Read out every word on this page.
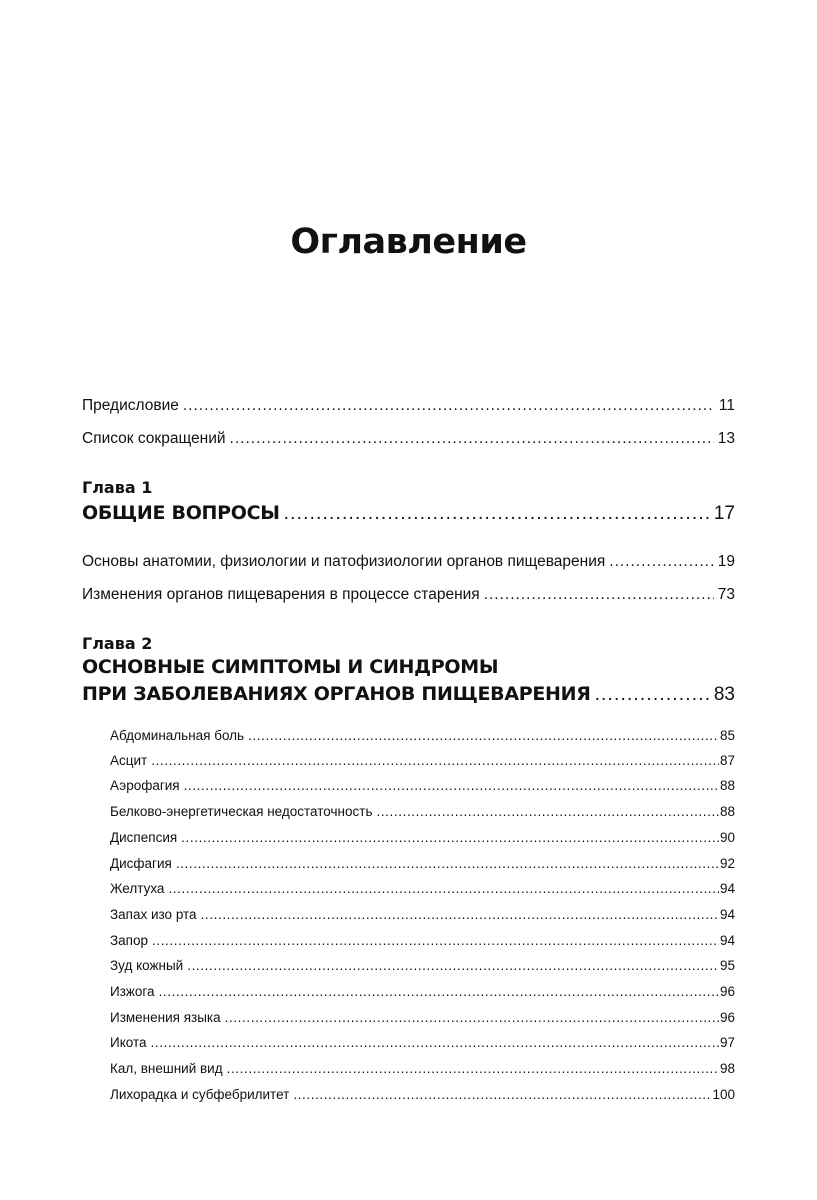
Оглавление
Предисловие .....	11
Список сокращений .....	13
Глава 1
ОБЩИЕ ВОПРОСЫ .....	17
Основы анатомии, физиологии и патофизиологии органов пищеварения .....	19
Изменения органов пищеварения в процессе старения .....	73
Глава 2
ОСНОВНЫЕ СИМПТОМЫ И СИНДРОМЫ
ПРИ ЗАБОЛЕВАНИЯХ ОРГАНОВ ПИЩЕВАРЕНИЯ .....	83
Абдоминальная боль .....	85
Асцит .....	87
Аэрофагия .....	88
Белково-энергетическая недостаточность .....	88
Диспепсия .....	90
Дисфагия .....	92
Желтуха .....	94
Запах изо рта .....	94
Запор .....	94
Зуд кожный .....	95
Изжога .....	96
Изменения языка .....	96
Икота .....	97
Кал, внешний вид .....	98
Лихорадка и субфебрилитет .....	100
